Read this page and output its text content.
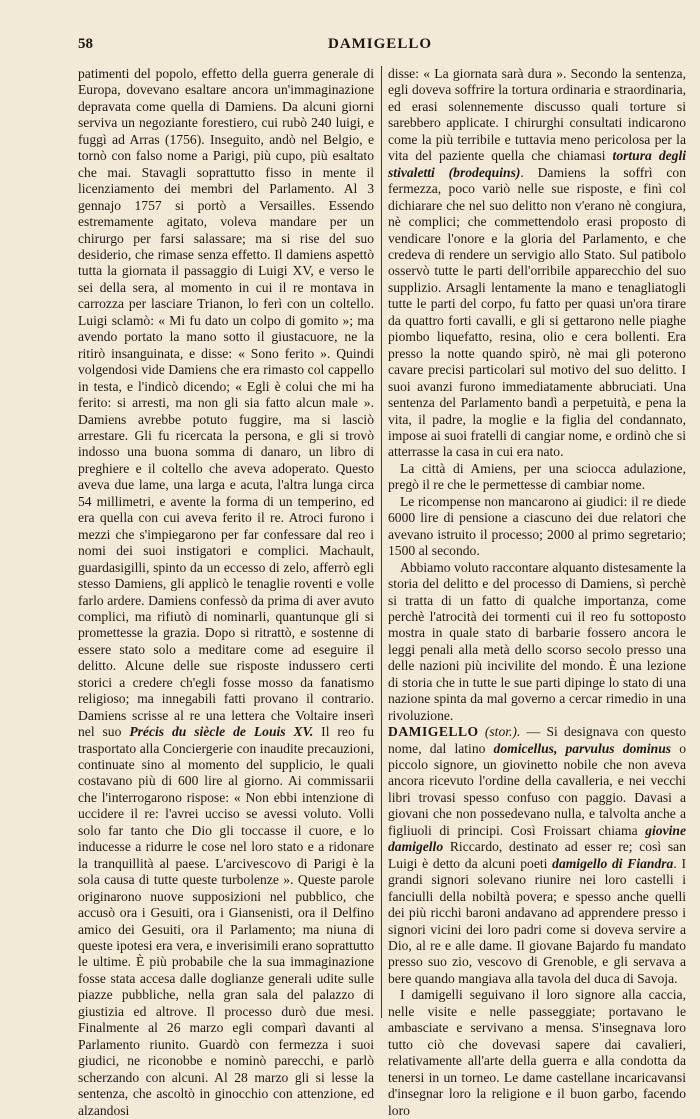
58	DAMIGELLO

patimenti del popolo, effetto della guerra generale di Europa, dovevano esaltare ancora un'immaginazione depravata come quella di Damiens. Da alcuni giorni serviva un negoziante forestiero, cui rubò 240 luigi, e fuggì ad Arras (1756). Inseguito, andò nel Belgio, e tornò con falso nome a Parigi, più cupo, più esaltato che mai. Stavagli soprattutto fisso in mente il licenziamento dei membri del Parlamento. Al 3 gennajo 1757 si portò a Versailles. Essendo estremamente agitato, voleva mandare per un chirurgo per farsi salassare; ma si rise del suo desiderio, che rimase senza effetto. Il damiens aspettò tutta la giornata il passaggio di Luigi XV, e verso le sei della sera, al momento in cui il re montava in carrozza per lasciare Trianon, lo ferì con un coltello. Luigi sclamò: « Mi fu dato un colpo di gomito »; ma avendo portato la mano sotto il giustacuore, ne la ritirò insanguinata, e disse: « Sono ferito ». Quindi volgendosi vide Damiens che era rimasto col cappello in testa, e l'indicò dicendo; « Egli è colui che mi ha ferito: si arresti, ma non gli sia fatto alcun male ». Damiens avrebbe potuto fuggire, ma si lasciò arrestare. Gli fu ricercata la persona, e gli si trovò indosso una buona somma di danaro, un libro di preghiere e il coltello che aveva adoperato. Questo aveva due lame, una larga e acuta, l'altra lunga circa 54 millimetri, e avente la forma di un temperino, ed era quella con cui aveva ferito il re. Atroci furono i mezzi che s'impiegarono per far confessare dal reo i nomi dei suoi instigatori e complici. Machault, guardasigilli, spinto da un eccesso di zelo, afferrò egli stesso Damiens, gli applicò le tenaglie roventi e volle farlo ardere. Damiens confessò da prima di aver avuto complici, ma rifiutò di nominarli, quantunque gli si promettesse la grazia. Dopo si ritrattò, e sostenne di essere stato solo a meditare come ad eseguire il delitto. Alcune delle sue risposte indussero certi storici a credere ch'egli fosse mosso da fanatismo religioso; ma innegabili fatti provano il contrario. Damiens scrisse al re una lettera che Voltaire inserì nel suo Précis du siècle de Louis XV. Il reo fu trasportato alla Conciergerie con inaudite precauzioni, continuate sino al momento del supplicio, le quali costavano più di 600 lire al giorno. Ai commissarii che l'interrogarono rispose: « Non ebbi intenzione di uccidere il re: l'avrei ucciso se avessi voluto. Volli solo far tanto che Dio gli toccasse il cuore, e lo inducesse a ridurre le cose nel loro stato e a ridonare la tranquillità al paese. L'arcivescovo di Parigi è la sola causa di tutte queste turbolenze ». Queste parole originarono nuove supposizioni nel pubblico, che accusò ora i Gesuiti, ora i Giansenisti, ora il Delfino amico dei Gesuiti, ora il Parlamento; ma niuna di queste ipotesi era vera, e inverisimili erano soprattutto le ultime. È più probabile che la sua immaginazione fosse stata accesa dalle doglianze generali udite sulle piazze pubbliche, nella gran sala del palazzo di giustizia ed altrove. Il processo durò due mesi. Finalmente al 26 marzo egli comparì davanti al Parlamento riunito. Guardò con fermezza i suoi giudici, ne riconobbe e nominò parecchi, e parlò scherzando con alcuni. Al 28 marzo gli si lesse la sentenza, che ascoltò in ginocchio con attenzione, ed alzandosi

disse: « La giornata sarà dura ». Secondo la sentenza, egli doveva soffrire la tortura ordinaria e straordinaria, ed erasi solennemente discusso quali torture si sarebbero applicate. I chirurghi consultati indicarono come la più terribile e tuttavia meno pericolosa per la vita del paziente quella che chiamasi tortura degli stivaletti (brodequins). Damiens la soffrì con fermezza, poco variò nelle sue risposte, e finì col dichiarare che nel suo delitto non v'erano nè congiura, nè complici; che commettendolo erasi proposto di vendicare l'onore e la gloria del Parlamento, e che credeva di rendere un servigio allo Stato. Sul patibolo osservò tutte le parti dell'orribile apparecchio del suo supplizio. Arsagli lentamente la mano e tenagliatogli tutte le parti del corpo, fu fatto per quasi un'ora tirare da quattro forti cavalli, e gli si gettarono nelle piaghe piombo liquefatto, resina, olio e cera bollenti. Era presso la notte quando spirò, nè mai gli poterono cavare precisi particolari sul motivo del suo delitto. I suoi avanzi furono immediatamente abbruciati. Una sentenza del Parlamento bandì a perpetuità, e pena la vita, il padre, la moglie e la figlia del condannato, impose ai suoi fratelli di cangiar nome, e ordinò che si atterrasse la casa in cui era nato.

La città di Amiens, per una sciocca adulazione, pregò il re che le permettesse di cambiar nome.

Le ricompense non mancarono ai giudici: il re diede 6000 lire di pensione a ciascuno dei due relatori che avevano istruito il processo; 2000 al primo segretario; 1500 al secondo.

Abbiamo voluto raccontare alquanto distesamente la storia del delitto e del processo di Damiens, sì perchè si tratta di un fatto di qualche importanza, come perchè l'atrocità dei tormenti cui il reo fu sottoposto mostra in quale stato di barbarie fossero ancora le leggi penali alla metà dello scorso secolo presso una delle nazioni più incivilite del mondo. È una lezione di storia che in tutte le sue parti dipinge lo stato di una nazione spinta da mal governo a cercar rimedio in una rivoluzione.

DAMIGELLO (stor.). — Si designava con questo nome, dal latino domicellus, parvulus dominus o piccolo signore, un giovinetto nobile che non aveva ancora ricevuto l'ordine della cavalleria, e nei vecchi libri trovasi spesso confuso con paggio. Davasi a giovani che non possedevano nulla, e talvolta anche a figliuoli di principi. Così Froissart chiama giovine damigello Riccardo, destinato ad esser re; così san Luigi è detto da alcuni poeti damigello di Fiandra. I grandi signori solevano riunire nei loro castelli i fanciulli della nobiltà povera; e spesso anche quelli dei più ricchi baroni andavano ad apprendere presso i signori vicini dei loro padri come si doveva servire a Dio, al re e alle dame. Il giovane Bajardo fu mandato presso suo zio, vescovo di Grenoble, e gli servava a bere quando mangiava alla tavola del duca di Savoja.

I damigelli seguivano il loro signore alla caccia, nelle visite e nelle passeggiate; portavano le ambasciate e servivano a mensa. S'insegnava loro tutto ciò che dovevasi sapere dai cavalieri, relativamente all'arte della guerra e alla condotta da tenersi in un torneo. Le dame castellane incaricavansi d'insegnar loro la religione e il buon garbo, facendo loro
